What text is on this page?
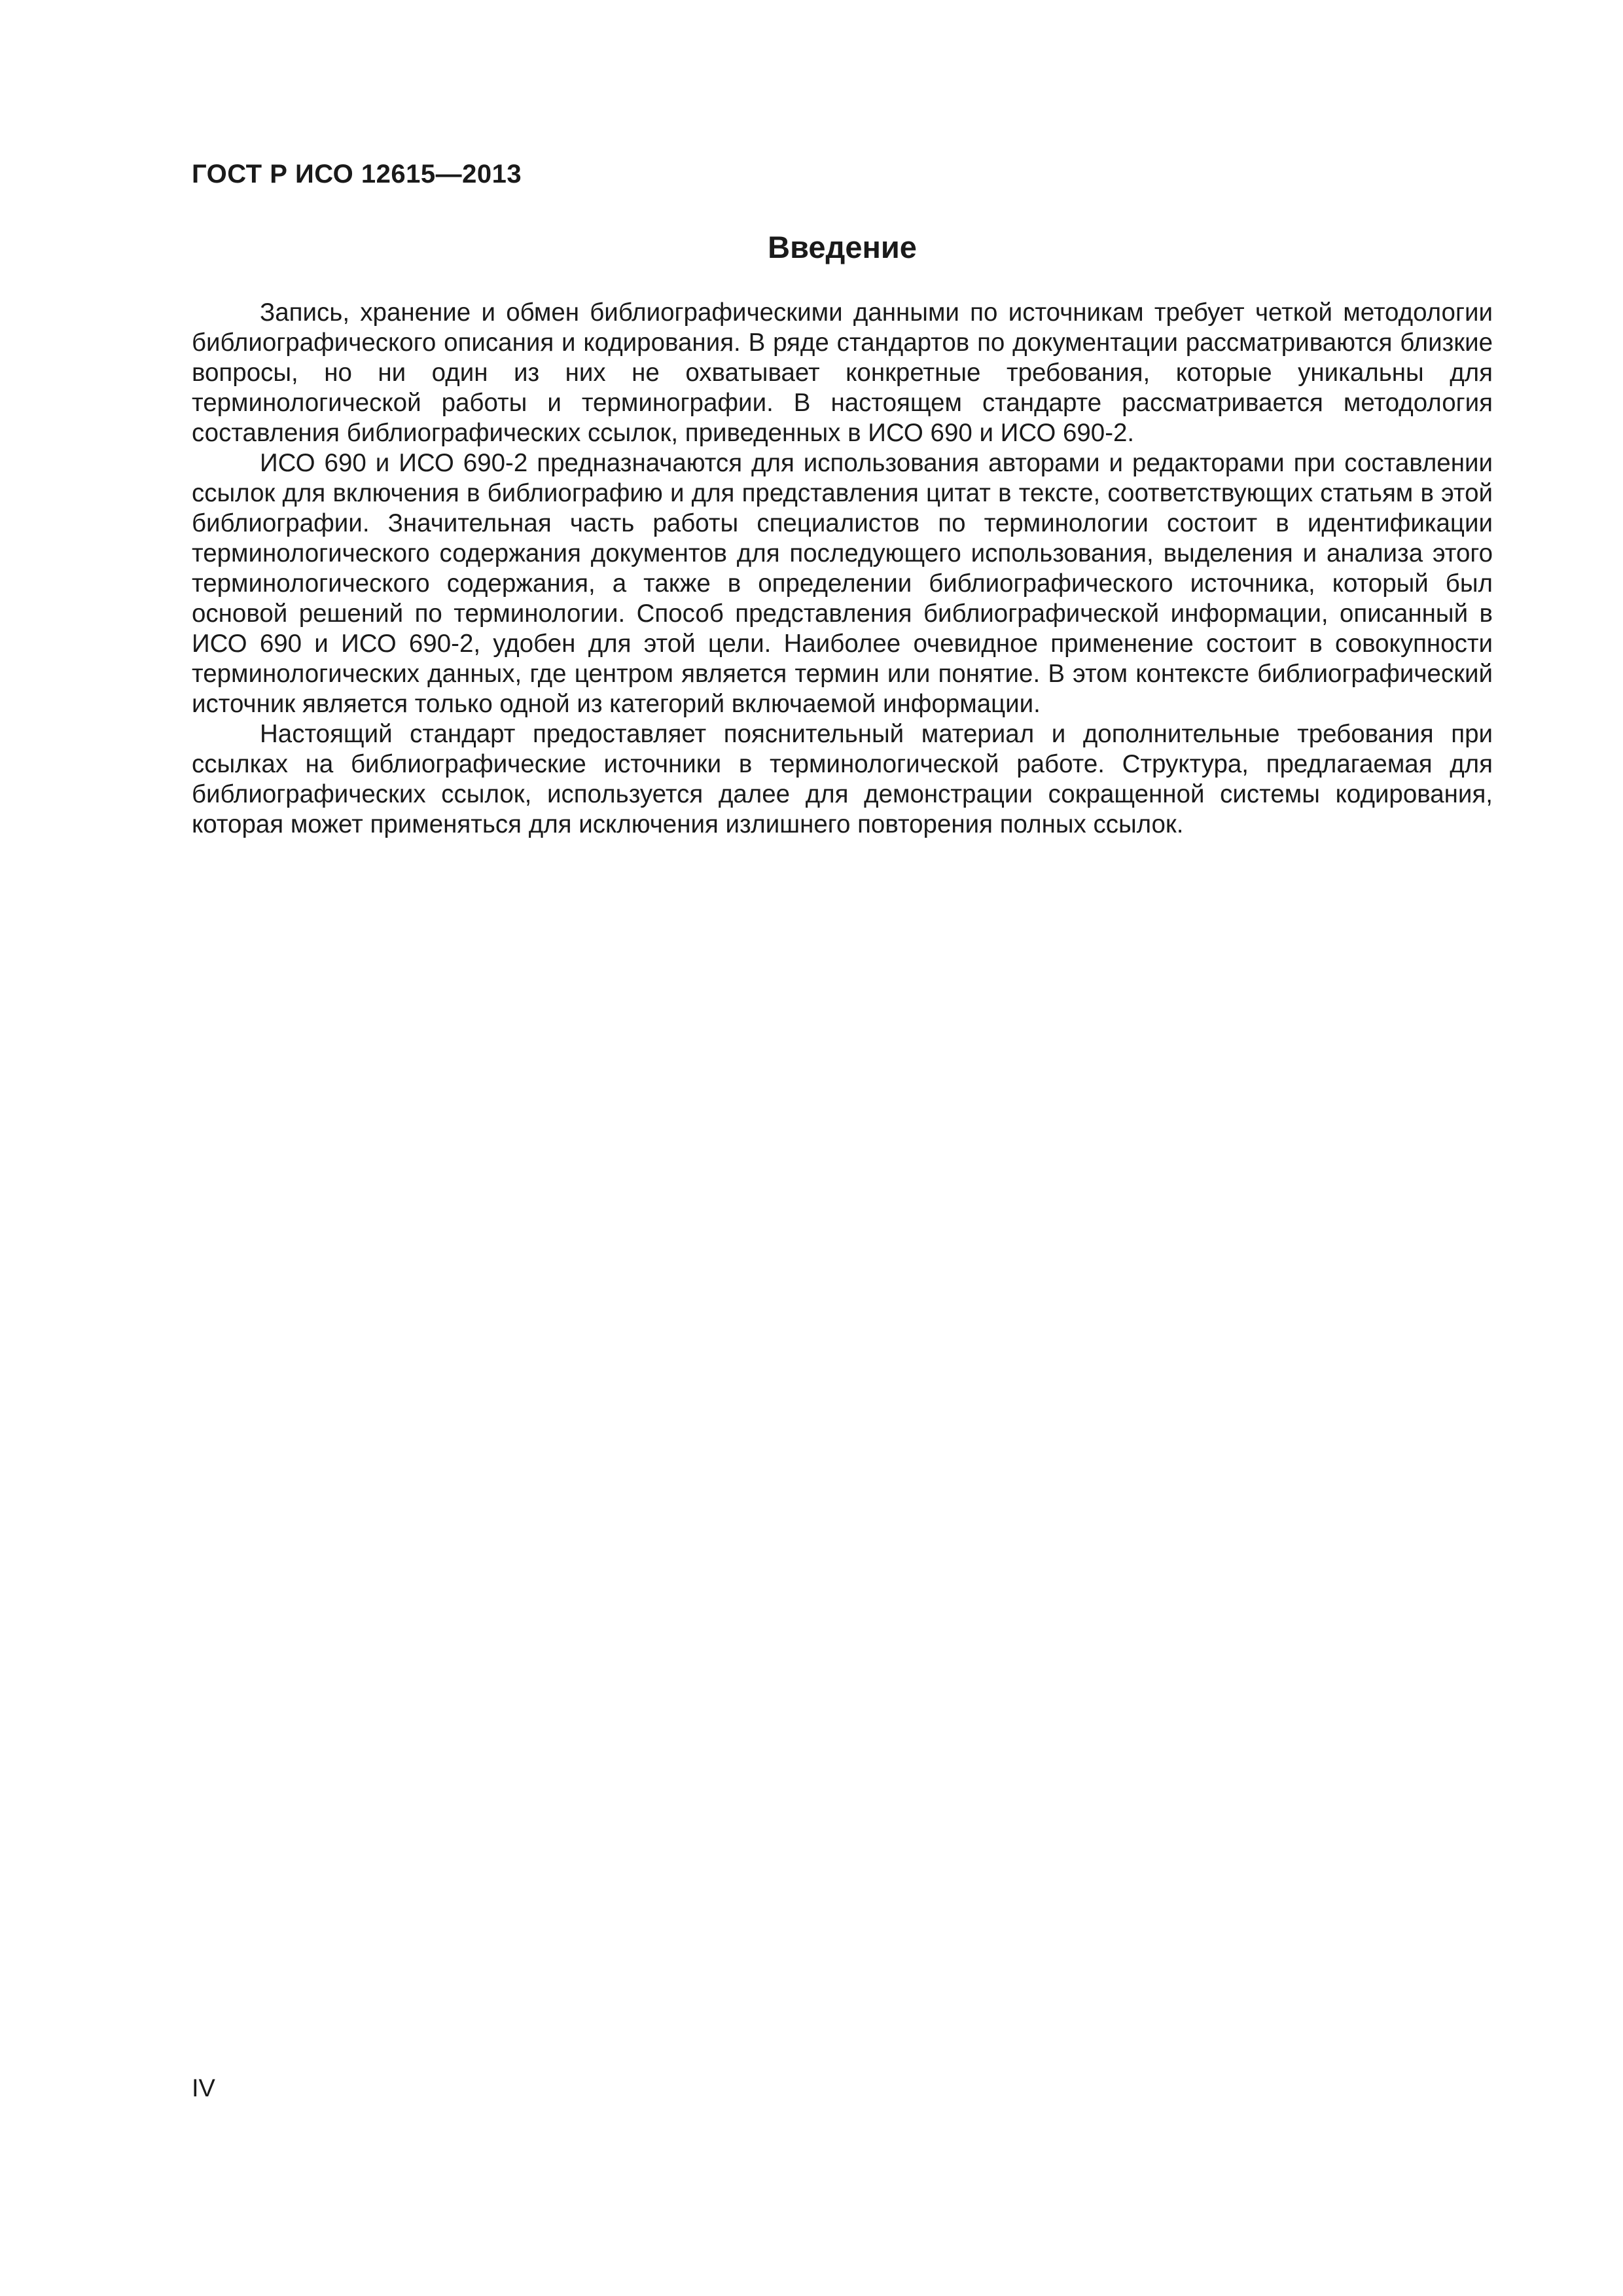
ГОСТ Р ИСО 12615—2013

Введение

Запись, хранение и обмен библиографическими данными по источникам требует четкой методологии библиографического описания и кодирования. В ряде стандартов по документации рассматриваются близкие вопросы, но ни один из них не охватывает конкретные требования, которые уникальны для терминологической работы и терминографии. В настоящем стандарте рассматривается методология составления библиографических ссылок, приведенных в ИСО 690 и ИСО 690-2.

ИСО 690 и ИСО 690-2 предназначаются для использования авторами и редакторами при составлении ссылок для включения в библиографию и для представления цитат в тексте, соответствующих статьям в этой библиографии. Значительная часть работы специалистов по терминологии состоит в идентификации терминологического содержания документов для последующего использования, выделения и анализа этого терминологического содержания, а также в определении библиографического источника, который был основой решений по терминологии. Способ представления библиографической информации, описанный в ИСО 690 и ИСО 690-2, удобен для этой цели. Наиболее очевидное применение состоит в совокупности терминологических данных, где центром является термин или понятие. В этом контексте библиографический источник является только одной из категорий включаемой информации.

Настоящий стандарт предоставляет пояснительный материал и дополнительные требования при ссылках на библиографические источники в терминологической работе. Структура, предлагаемая для библиографических ссылок, используется далее для демонстрации сокращенной системы кодирования, которая может применяться для исключения излишнего повторения полных ссылок.

IV
